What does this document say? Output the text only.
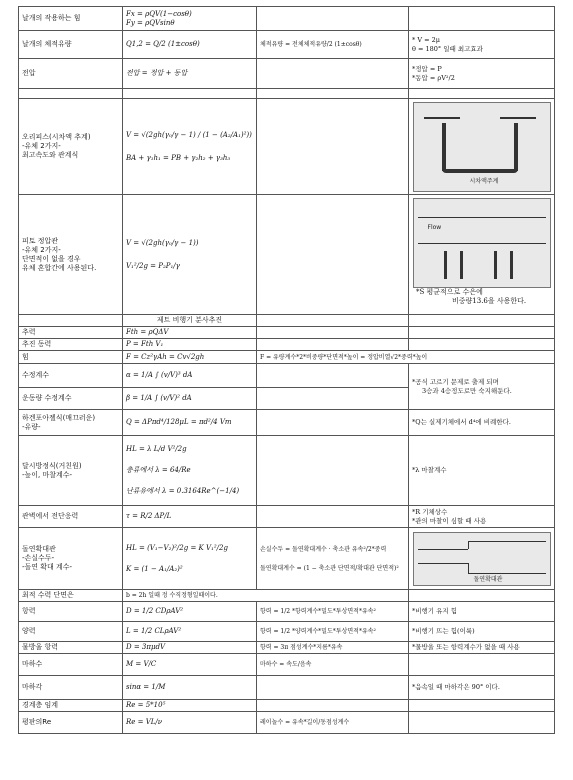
날개의 작용하는 힘	Fx = ρQV(1−cosθ)
Fy = ρQVsinθ		

날개의 체적유량	Q1,2 = Q/2 (1±cosθ)	체적유량 = 전체체적유량/2 (1±cosθ)	* V = 2μ
θ = 180° 일때 최고효과

전압	전압 = 정압 + 동압		*정압 = P
*동압 = ρV²/2

오리피스(시차액 추계)
-유체 2가지-
최고속도와 관계식	V = √(2gh(γ₀/γ − 1) / (1 − (A₂/A₁)²))
BA + γ₁h₁ = PB + γ₂h₂ + γ₃h₃		시차액주계

피토 정압관
-유체 2가지-
단면적이 없을 경우
유체 혼합간에 사용된다.	V = √(2gh(γ₀/γ − 1))
V₁²/2g = P₂P₁/γ		Flow
*S 평균적으로 수은에
비중량13.6을 사용한다.

	제트 비행기 분사추진		
추력	Fth = ρQΔV		
추진 동력	P = Fth V₁		
힘	F = Cz²γAh = Cv√2gh	F = 유량계수*2*비중량*단면적*높이 = 정압비열√2*중력*높이	
수정계수	α = 1/A ∫ (v/V)³ dA		*공식 고르기 문제로 출제 되며
3승과 4승정도로만 숙지해둔다.

운동량 수정계수	β = 1/A ∫ (v/V)² dA		
하겐포아젤식(매끄러운)
-유량-	Q = ΔPπd⁴/128μL = πd²/4 Vm		*Q는 실제기체에서 d⁴에 비례한다.
달시방정식(거친원)
-높이, 마찰계수-	HL = λ L/d V²/2g
층류에서 λ = 64/Re
난류유에서 λ = 0.3164Re^(−1/4)		*λ 마찰계수
관벽에서 전단응력	τ = R/2 ΔP/L		*R 기체상수
*관의 마찰이 심할 때 사용

돌연확대관
-손실수두-
-돌연 확대 계수-	HL = (V₁−V₂)²/2g = K V₁²/2g
K = (1 − A₁/A₂)²	손실수두 = 돌연확대계수 · 축소관 유속²/2*중력
돌연확대계수 = (1 − 축소관 단면적/확대관 단면적)²	돌연확대관

최적 수력 단면은	b = 2h 일때 정 수직정형일때이다.		
항력	D = 1/2 CDρAV²	항력 = 1/2 *항력계수*밀도*투상면적*유속²	*비행기 유지 힘
양력	L = 1/2 CLρAV²	항력 = 1/2 *양력계수*밀도*투상면적*유속²	*비행기 뜨는 힘(이륙)
물방울 항력	D = 3πμdV	항력 = 3π 점성계수*지름*유속	*물방울 또는 항력계수가 없을 때 사용
마하수	M = V/C	마하수 = 속도/음속	
마하각	sinα = 1/M		*음속일 때 마하각은 90° 이다.
경계층 임계	Re = 5*10⁵		
평판의Re	Re = VL/ν	레이놀수 = 유속*길이/동점성계수	
